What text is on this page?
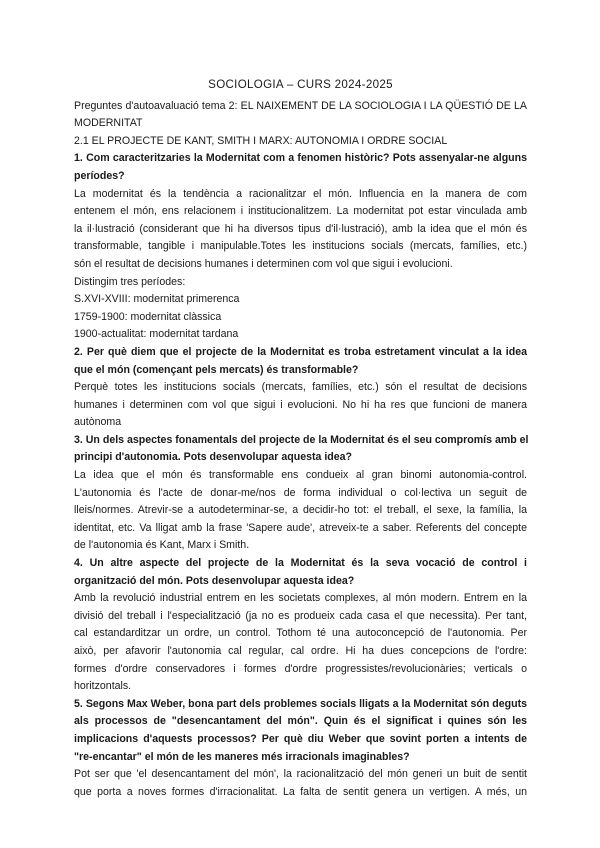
SOCIOLOGIA – CURS 2024-2025
Preguntes d'autoavaluació tema 2: EL NAIXEMENT DE LA SOCIOLOGIA I LA QÜESTIÓ DE LA
MODERNITAT
2.1 EL PROJECTE DE KANT, SMITH I MARX: AUTONOMIA I ORDRE SOCIAL
1. Com caracteritzaries la Modernitat com a fenomen històric? Pots assenyalar-ne alguns
períodes?
La modernitat és la tendència a racionalitzar el món. Influencia en la manera de com
entenem el món, ens relacionem i institucionalitzem. La modernitat pot estar vinculada amb
la il·lustració (considerant que hi ha diversos tipus d'il·lustració), amb la idea que el món és
transformable, tangible i manipulable.Totes les institucions socials (mercats, famílies, etc.)
són el resultat de decisions humanes i determinen com vol que sigui i evolucioni.
Distingim tres períodes:
S.XVI-XVIII: modernitat primerenca
1759-1900: modernitat clàssica
1900-actualitat: modernitat tardana
2. Per què diem que el projecte de la Modernitat es troba estretament vinculat a la idea
que el món (començant pels mercats) és transformable?
Perquè totes les institucions socials (mercats, famílies, etc.) són el resultat de decisions
humanes i determinen com vol que sigui i evolucioni. No hi ha res que funcioni de manera
autònoma
3. Un dels aspectes fonamentals del projecte de la Modernitat és el seu compromís amb el
principi d'autonomia. Pots desenvolupar aquesta idea?
La idea que el món és transformable ens condueix al gran binomi autonomia-control.
L'autonomia és l'acte de donar-me/nos de forma individual o col·lectiva un seguit de
lleis/normes. Atrevir-se a autodeterminar-se, a decidir-ho tot: el treball, el sexe, la família, la
identitat, etc. Va lligat amb la frase 'Sapere aude', atreveix-te a saber. Referents del concepte
de l'autonomia és Kant, Marx i Smith.
4. Un altre aspecte del projecte de la Modernitat és la seva vocació de control i
organització del món. Pots desenvolupar aquesta idea?
Amb la revolució industrial entrem en les societats complexes, al món modern. Entrem en la
divisió del treball i l'especialització (ja no es produeix cada casa el que necessita). Per tant,
cal estandarditzar un ordre, un control. Tothom té una autoconcepció de l'autonomia. Per
això, per afavorir l'autonomia cal regular, cal ordre. Hi ha dues concepcions de l'ordre:
formes d'ordre conservadores i formes d'ordre progressistes/revolucionàries; verticals o
horitzontals.
5. Segons Max Weber, bona part dels problemes socials lligats a la Modernitat són deguts
als processos de "desencantament del món". Quin és el significat i quines són les
implicacions d'aquests processos? Per què diu Weber que sovint porten a intents de
"re-encantar" el món de les maneres més irracionals imaginables?
Pot ser que 'el desencantament del món', la racionalització del món generi un buit de sentit
que porta a noves formes d'irracionalitat. La falta de sentit genera un vertigen. A més, un
